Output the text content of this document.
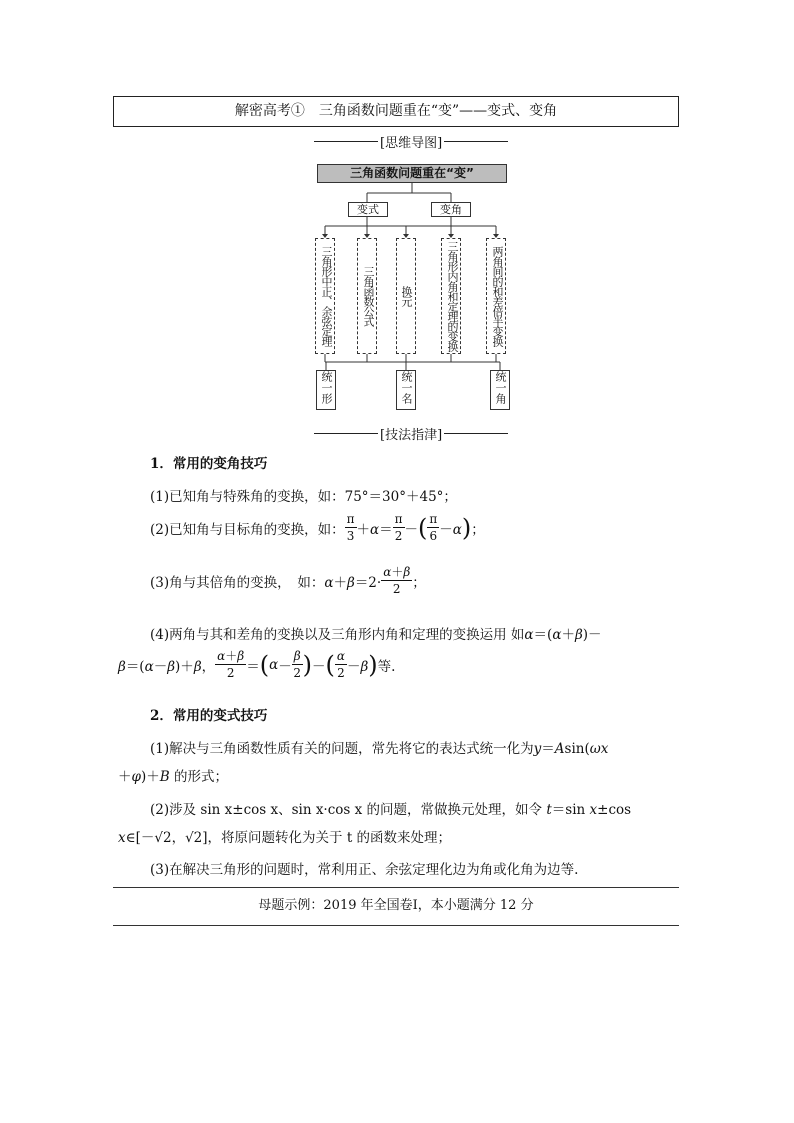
解密高考①　三角函数问题重在“变”——变式、变角
[思维导图]
三角函数问题重在“变”
变式	变角
三角形中正、余弦定理	三角函数公式	换元	三角形内角和定理的变换	两角间的和差倍半变换
统一形	统一名	统一角
[技法指津]
1．常用的变角技巧
(1)已知角与特殊角的变换，如：75°＝30°＋45°；
(2)已知角与目标角的变换，如： $\frac{\pi}{3} +\alpha= \frac{\pi}{2}$ － ( $\frac{\pi}{6} -\alpha$ ) ；
(3)角与其倍角的变换，　如： $\alpha+\beta=2\cdot \frac{\alpha+\beta}{2}$ ；
(4)两角与其和差角的变换以及三角形内角和定理的变换运用 如α＝(α＋β)－
β＝(α－β)＋β， $\frac{\alpha+\beta}{2}$ ＝ ( $\alpha - \frac{\beta}{2}$ ) － ( $\frac{\alpha}{2} -\beta$ ) 等.
2．常用的变式技巧
(1)解决与三角函数性质有关的问题，常先将它的表达式统一化为y＝Asin(ωx
＋φ)＋B 的形式；
(2)涉及 sin x±cos x、sin x·cos x 的问题，常做换元处理，如令 t＝sin x±cos
x∈[－√2，√2]，将原问题转化为关于 t 的函数来处理；
(3)在解决三角形的问题时，常利用正、余弦定理化边为角或化角为边等.
母题示例：2019 年全国卷Ⅰ，本小题满分 12 分
